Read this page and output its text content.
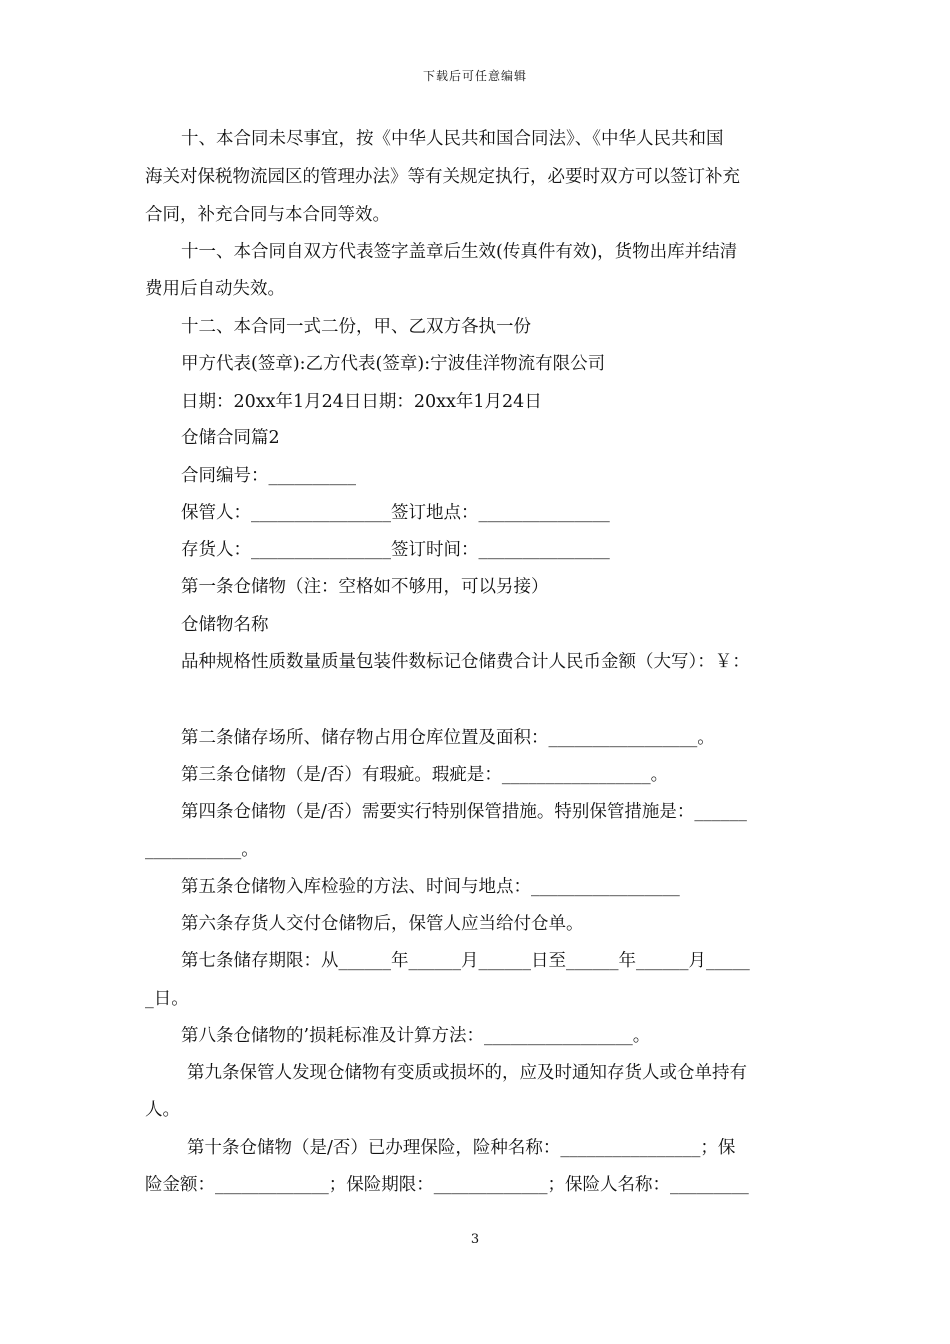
下载后可任意编辑
十、本合同未尽事宜，按《中华人民共和国合同法》、《中华人民共和国
海关对保税物流园区的管理办法》等有关规定执行，必要时双方可以签订补充
合同，补充合同与本合同等效。
十一、本合同自双方代表签字盖章后生效(传真件有效)，货物出库并结清
费用后自动失效。
十二、本合同一式二份，甲、乙双方各执一份
甲方代表(签章):乙方代表(签章):宁波佳洋物流有限公司
日期：20xx年1月24日日期：20xx年1月24日
仓储合同篇2
合同编号：__________
保管人：________________签订地点：_______________
存货人：________________签订时间：_______________
第一条仓储物（注：空格如不够用，可以另接）
仓储物名称
品种规格性质数量质量包装件数标记仓储费合计人民币金额（大写）：￥：
第二条储存场所、储存物占用仓库位置及面积：_________________。
第三条仓储物（是/否）有瑕疵。瑕疵是：_________________。
第四条仓储物（是/否）需要实行特别保管措施。特别保管措施是：______
___________。
第五条仓储物入库检验的方法、时间与地点：_________________
第六条存货人交付仓储物后，保管人应当给付仓单。
第七条储存期限：从______年______月______日至______年______月_____
_日。
第八条仓储物的’损耗标准及计算方法：_________________。
第九条保管人发现仓储物有变质或损坏的，应及时通知存货人或仓单持有
人。
第十条仓储物（是/否）已办理保险，险种名称：________________；保
险金额：_____________；保险期限：_____________；保险人名称：_________
3
